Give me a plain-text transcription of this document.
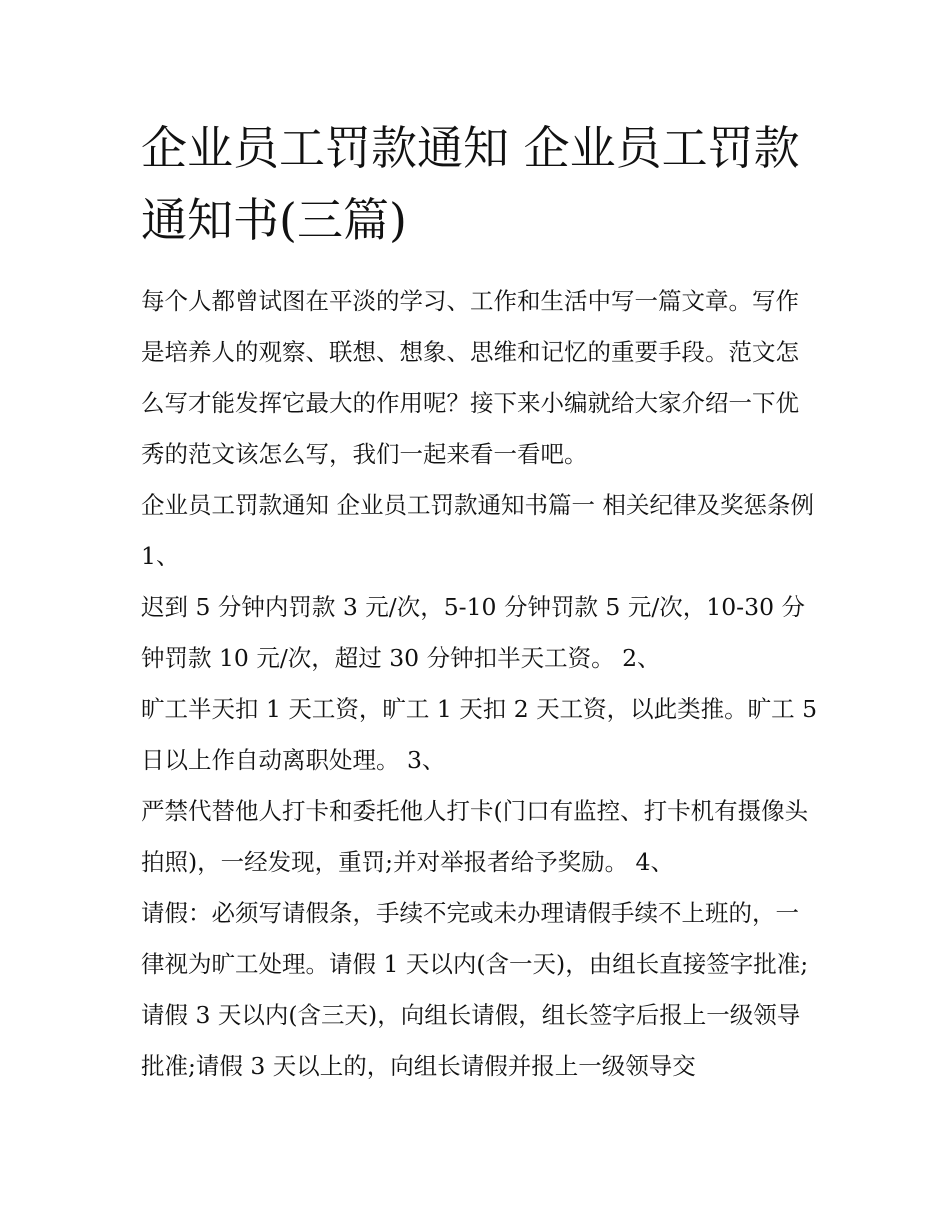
企业员工罚款通知 企业员工罚款通知书(三篇)

每个人都曾试图在平淡的学习、工作和生活中写一篇文章。写作是培养人的观察、联想、想象、思维和记忆的重要手段。范文怎么写才能发挥它最大的作用呢？接下来小编就给大家介绍一下优秀的范文该怎么写，我们一起来看一看吧。

企业员工罚款通知 企业员工罚款通知书篇一 相关纪律及奖惩条例 1、

迟到 5 分钟内罚款 3 元/次，5-10 分钟罚款 5 元/次，10-30 分钟罚款 10 元/次，超过 30 分钟扣半天工资。 2、

旷工半天扣 1 天工资，旷工 1 天扣 2 天工资，以此类推。旷工 5 日以上作自动离职处理。 3、

严禁代替他人打卡和委托他人打卡(门口有监控、打卡机有摄像头拍照)，一经发现，重罚;并对举报者给予奖励。 4、

请假：必须写请假条，手续不完或未办理请假手续不上班的，一律视为旷工处理。请假 1 天以内(含一天)，由组长直接签字批准;请假 3 天以内(含三天)，向组长请假，组长签字后报上一级领导批准;请假 3 天以上的，向组长请假并报上一级领导交
